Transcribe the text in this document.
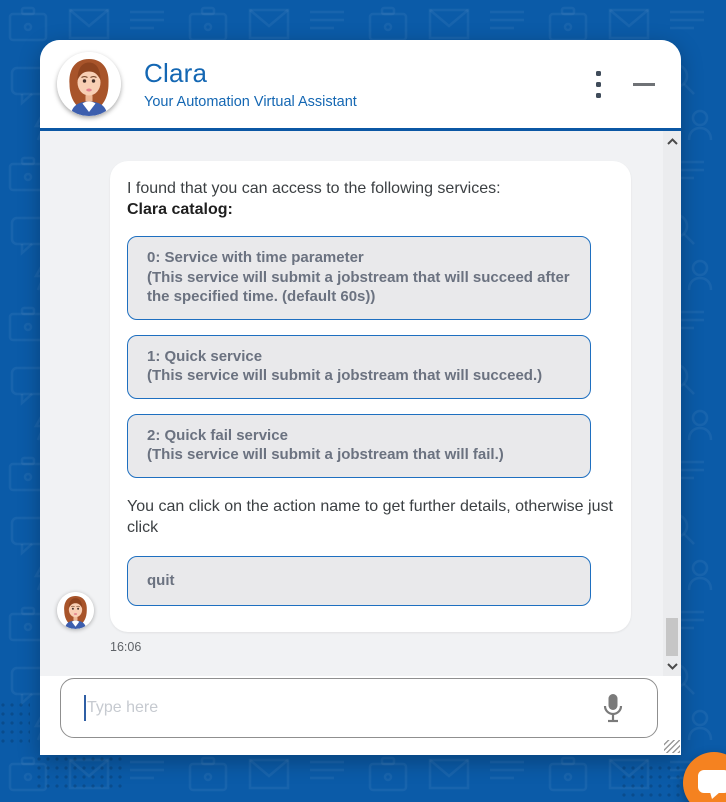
Clara
Your Automation Virtual Assistant
I found that you can access to the following services:
Clara catalog:
0: Service with time parameter
(This service will submit a jobstream that will succeed after the specified time. (default 60s))
1: Quick service
(This service will submit a jobstream that will succeed.)
2: Quick fail service
(This service will submit a jobstream that will fail.)
You can click on the action name to get further details, otherwise just click
quit
16:06
Type here
